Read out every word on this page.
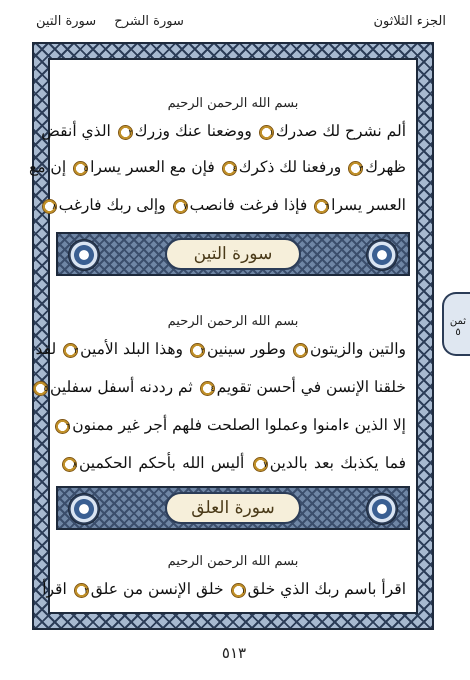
الجزء الثلاثون
سورة الشرح سورة التين
بسم الله الرحمن الرحيم
ألم نشرح لك صدرك١ ووضعنا عنك وزرك٢ الذي أنقض
ظهرك٣ ورفعنا لك ذكرك٤ فإن مع العسر يسرا٥ إن مع
العسر يسرا٦ فإذا فرغت فانصب٧ وإلى ربك فارغب٨
سورة التين
بسم الله الرحمن الرحيم
والتين والزيتون١ وطور سينين٢ وهذا البلد الأمين٣ لقد
خلقنا الإنسن في أحسن تقويم٤ ثم رددنه أسفل سفلين٥
إلا الذين ءامنوا وعملوا الصلحت فلهم أجر غير ممنون٦
فما يكذبك بعد بالدين٧ أليس الله بأحكم الحكمين٨
سورة العلق
بسم الله الرحمن الرحيم
اقرأ باسم ربك الذي خلق١ خلق الإنسن من علق٢ اقرأ
ثمن ٥
٥١٣
